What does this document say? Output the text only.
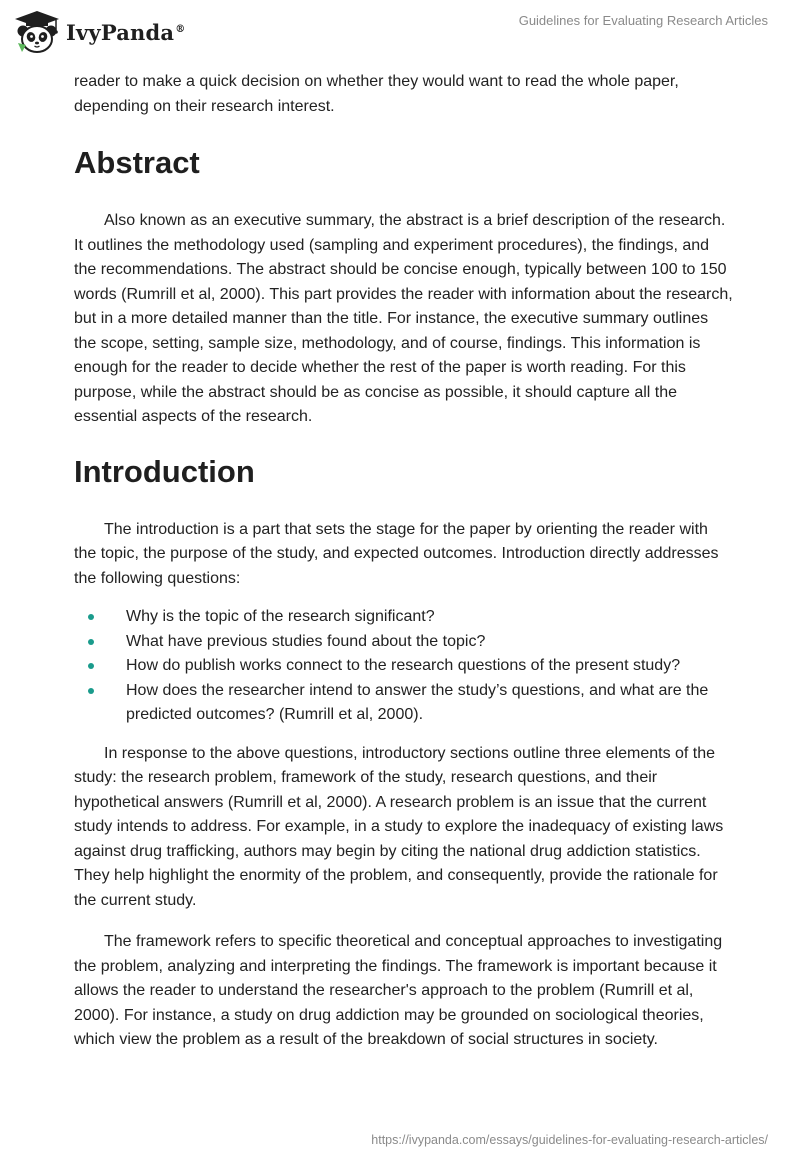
IvyPanda®
Guidelines for Evaluating Research Articles

reader to make a quick decision on whether they would want to read the whole paper, depending on their research interest.

Abstract

Also known as an executive summary, the abstract is a brief description of the research. It outlines the methodology used (sampling and experiment procedures), the findings, and the recommendations. The abstract should be concise enough, typically between 100 to 150 words (Rumrill et al, 2000). This part provides the reader with information about the research, but in a more detailed manner than the title. For instance, the executive summary outlines the scope, setting, sample size, methodology, and of course, findings. This information is enough for the reader to decide whether the rest of the paper is worth reading. For this purpose, while the abstract should be as concise as possible, it should capture all the essential aspects of the research.

Introduction

The introduction is a part that sets the stage for the paper by orienting the reader with the topic, the purpose of the study, and expected outcomes. Introduction directly addresses the following questions:

Why is the topic of the research significant?
What have previous studies found about the topic?
How do publish works connect to the research questions of the present study?
How does the researcher intend to answer the study’s questions, and what are the predicted outcomes? (Rumrill et al, 2000).

In response to the above questions, introductory sections outline three elements of the study: the research problem, framework of the study, research questions, and their hypothetical answers (Rumrill et al, 2000). A research problem is an issue that the current study intends to address. For example, in a study to explore the inadequacy of existing laws against drug trafficking, authors may begin by citing the national drug addiction statistics. They help highlight the enormity of the problem, and consequently, provide the rationale for the current study.

The framework refers to specific theoretical and conceptual approaches to investigating the problem, analyzing and interpreting the findings. The framework is important because it allows the reader to understand the researcher's approach to the problem (Rumrill et al, 2000). For instance, a study on drug addiction may be grounded on sociological theories, which view the problem as a result of the breakdown of social structures in society.

https://ivypanda.com/essays/guidelines-for-evaluating-research-articles/
